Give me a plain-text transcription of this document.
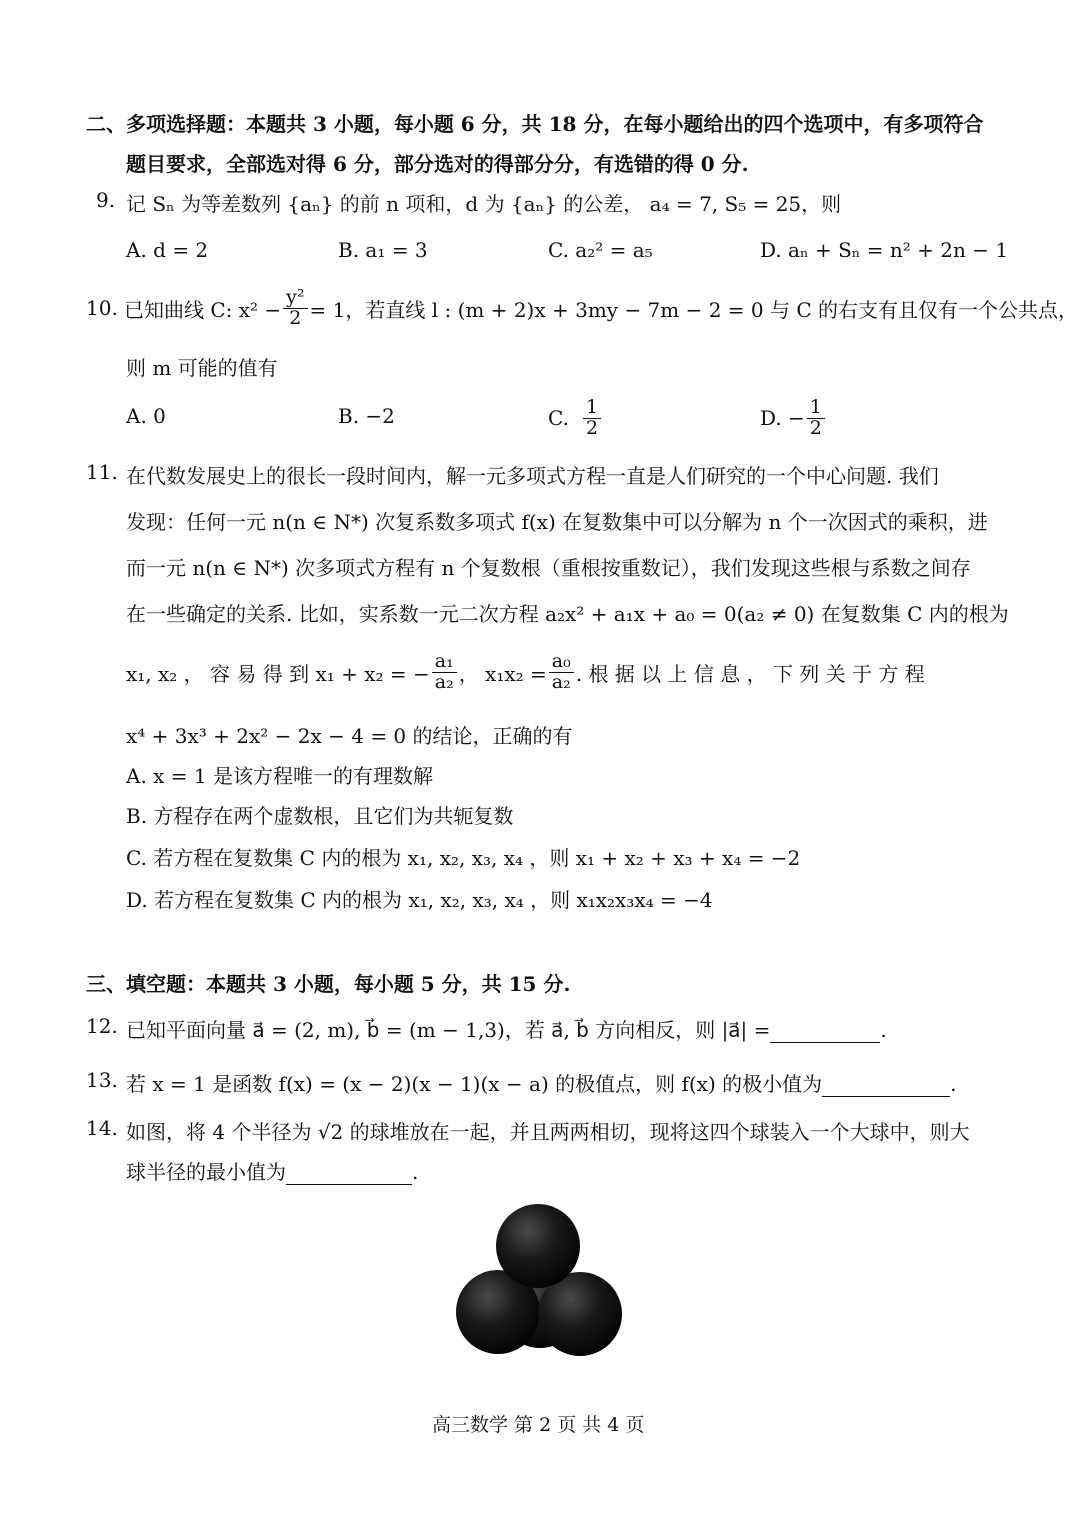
二、多项选择题：本题共 3 小题，每小题 6 分，共 18 分，在每小题给出的四个选项中，有多项符合
题目要求，全部选对得 6 分，部分选对的得部分分，有选错的得 0 分.
9. 记 Sₙ 为等差数列 {aₙ} 的前 n 项和，d 为 {aₙ} 的公差， a₄ = 7, S₅ = 25，则
A. d = 2	B. a₁ = 3	C. a₂² = a₅	D. aₙ + Sₙ = n² + 2n − 1
10. 已知曲线 C: $x^2 - \frac{\text{y²}}{2} = 1$，若直线 l : (m + 2)x + 3my − 7m − 2 = 0 与 C 的右支有且仅有一个公共点，
则 m 可能的值有
A. 0	B. −2	C. $\frac{1}{2}$	D. − $\frac{1}{2}$
11. 在代数发展史上的很长一段时间内，解一元多项式方程一直是人们研究的一个中心问题. 我们
发现：任何一元 n(n ∈ N*) 次复系数多项式 f(x) 在复数集中可以分解为 n 个一次因式的乘积，进
而一元 n(n ∈ N*) 次多项式方程有 n 个复数根（重根按重数记），我们发现这些根与系数之间存
在一些确定的关系. 比如，实系数一元二次方程 a₂x² + a₁x + a₀ = 0(a₂ ≠ 0) 在复数集 C 内的根为
x₁, x₂ ， 容 易 得 到 x₁ + x₂ = − $\frac{\text{a₁}}{\text{a₂}}$ ， $x_1x_2 = \frac{\text{a₀}}{\text{a₂}}$ . 根 据 以 上 信 息 ， 下 列 关 于 方 程
x⁴ + 3x³ + 2x² − 2x − 4 = 0 的结论，正确的有
A. x = 1 是该方程唯一的有理数解
B. 方程存在两个虚数根，且它们为共轭复数
C. 若方程在复数集 C 内的根为 x₁, x₂, x₃, x₄ ，则 x₁ + x₂ + x₃ + x₄ = −2
D. 若方程在复数集 C 内的根为 x₁, x₂, x₃, x₄ ，则 x₁x₂x₃x₄ = −4
三、填空题：本题共 3 小题，每小题 5 分，共 15 分.
12. 已知平面向量 a⃗ = (2, m), b⃗ = (m − 1,3)，若 a⃗, b⃗ 方向相反，则 |a⃗| =	.
13. 若 x = 1 是函数 f(x) = (x − 2)(x − 1)(x − a) 的极值点，则 f(x) 的极小值为	.
14. 如图，将 4 个半径为 √2 的球堆放在一起，并且两两相切，现将这四个球装入一个大球中，则大
球半径的最小值为	.
高三数学 第 2 页 共 4 页
